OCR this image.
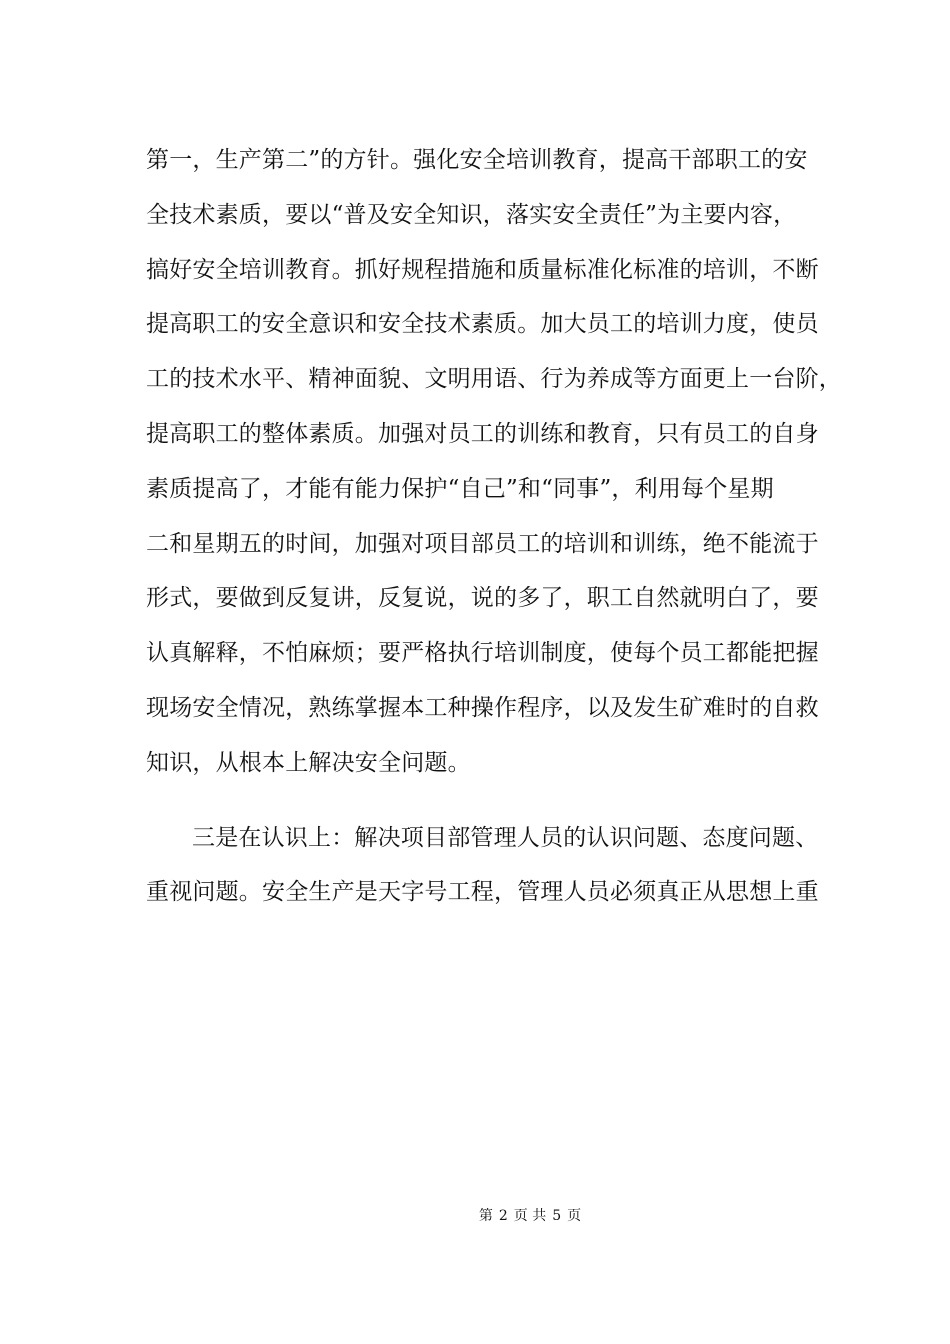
第一，生产第二”的方针。强化安全培训教育，提高干部职工的安
全技术素质，要以“普及安全知识，落实安全责任”为主要内容，
搞好安全培训教育。抓好规程措施和质量标准化标准的培训，不断
提高职工的安全意识和安全技术素质。加大员工的培训力度，使员
工的技术水平、精神面貌、文明用语、行为养成等方面更上一台阶，
提高职工的整体素质。加强对员工的训练和教育，只有员工的自身
素质提高了，才能有能力保护“自己”和“同事”，利用每个星期
二和星期五的时间，加强对项目部员工的培训和训练，绝不能流于
形式，要做到反复讲，反复说，说的多了，职工自然就明白了，要
认真解释，不怕麻烦；要严格执行培训制度，使每个员工都能把握
现场安全情况，熟练掌握本工种操作程序，以及发生矿难时的自救
知识，从根本上解决安全问题。
三是在认识上：解决项目部管理人员的认识问题、态度问题、
重视问题。安全生产是天字号工程，管理人员必须真正从思想上重
第 2 页 共 5 页
